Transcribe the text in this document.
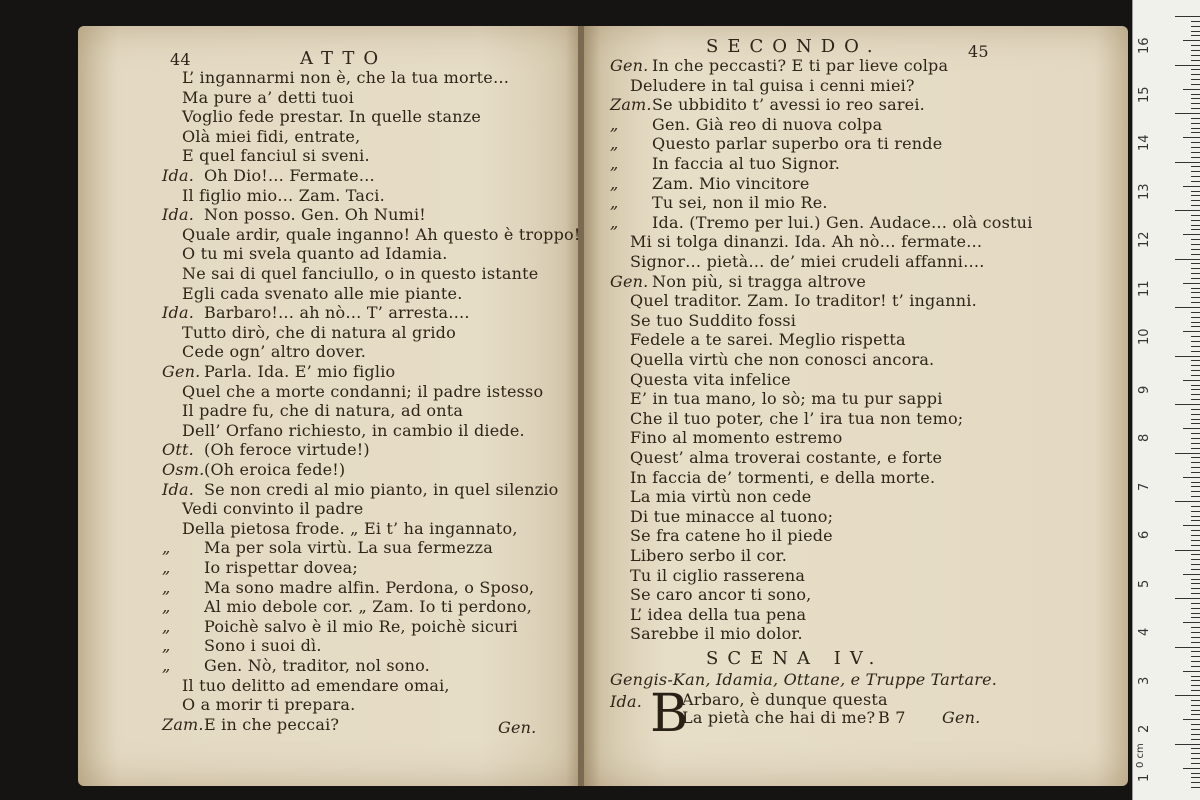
44	ATTO
L’ ingannarmi non è, che la tua morte…
Ma pure a’ detti tuoi
Voglio fede prestar. In quelle stanze
Olà miei fidi, entrate,
E quel fanciul si sveni.
Ida. Oh Dio!… Fermate…
Il figlio mio… Zam. Taci.
Ida. Non posso. Gen. Oh Numi!
Quale ardir, quale inganno! Ah questo è troppo!
O tu mi svela quanto ad Idamia.
Ne sai di quel fanciullo, o in questo istante
Egli cada svenato alle mie piante.
Ida. Barbaro!… ah nò… T’ arresta….
Tutto dirò, che di natura al grido
Cede ogn’ altro dover.
Gen. Parla. Ida. E’ mio figlio
Quel che a morte condanni; il padre istesso
Il padre fu, che di natura, ad onta
Dell’ Orfano richiesto, in cambio il diede.
Ott. (Oh feroce virtude!)
Osm. (Oh eroica fede!)
Ida. Se non credi al mio pianto, in quel silenzio
Vedi convinto il padre
Della pietosa frode. „ Ei t’ ha ingannato,
„ Ma per sola virtù. La sua fermezza
„ Io rispettar dovea;
„ Ma sono madre alfin. Perdona, o Sposo,
„ Al mio debole cor. „ Zam. Io ti perdono,
„ Poichè salvo è il mio Re, poichè sicuri
„ Sono i suoi dì.
„ Gen. Nò, traditor, nol sono.
Il tuo delitto ad emendare omai,
O a morir ti prepara.
Zam. E in che peccai?	Gen.
SECONDO.	45
Gen. In che peccasti? E ti par lieve colpa
Deludere in tal guisa i cenni miei?
Zam. Se ubbidito t’ avessi io reo sarei.
„ Gen. Già reo di nuova colpa
„ Questo parlar superbo ora ti rende
„ In faccia al tuo Signor.
„ Zam. Mio vincitore
„ Tu sei, non il mio Re.
„ Ida. (Tremo per lui.) Gen. Audace… olà costui
Mi si tolga dinanzi. Ida. Ah nò… fermate…
Signor… pietà… de’ miei crudeli affanni….
Gen. Non più, si tragga altrove
Quel traditor. Zam. Io traditor! t’ inganni.
Se tuo Suddito fossi
Fedele a te sarei. Meglio rispetta
Quella virtù che non conosci ancora.
Questa vita infelice
E’ in tua mano, lo sò; ma tu pur sappi
Che il tuo poter, che l’ ira tua non temo;
Fino al momento estremo
Quest’ alma troverai costante, e forte
In faccia de’ tormenti, e della morte.
La mia virtù non cede
Di tue minacce al tuono;
Se fra catene ho il piede
Libero serbo il cor.
Tu il ciglio rasserena
Se caro ancor ti sono,
L’ idea della tua pena
Sarebbe il mio dolor.
SCENA IV.
Gengis-Kan, Idamia, Ottane, e Truppe Tartare.
Ida. B
Arbaro, è dunque questa
La pietà che hai di me? B 7 Gen.
16
15
14
13
12
11
10
9
8
7
6
5
4
3
2
1
0 cm
